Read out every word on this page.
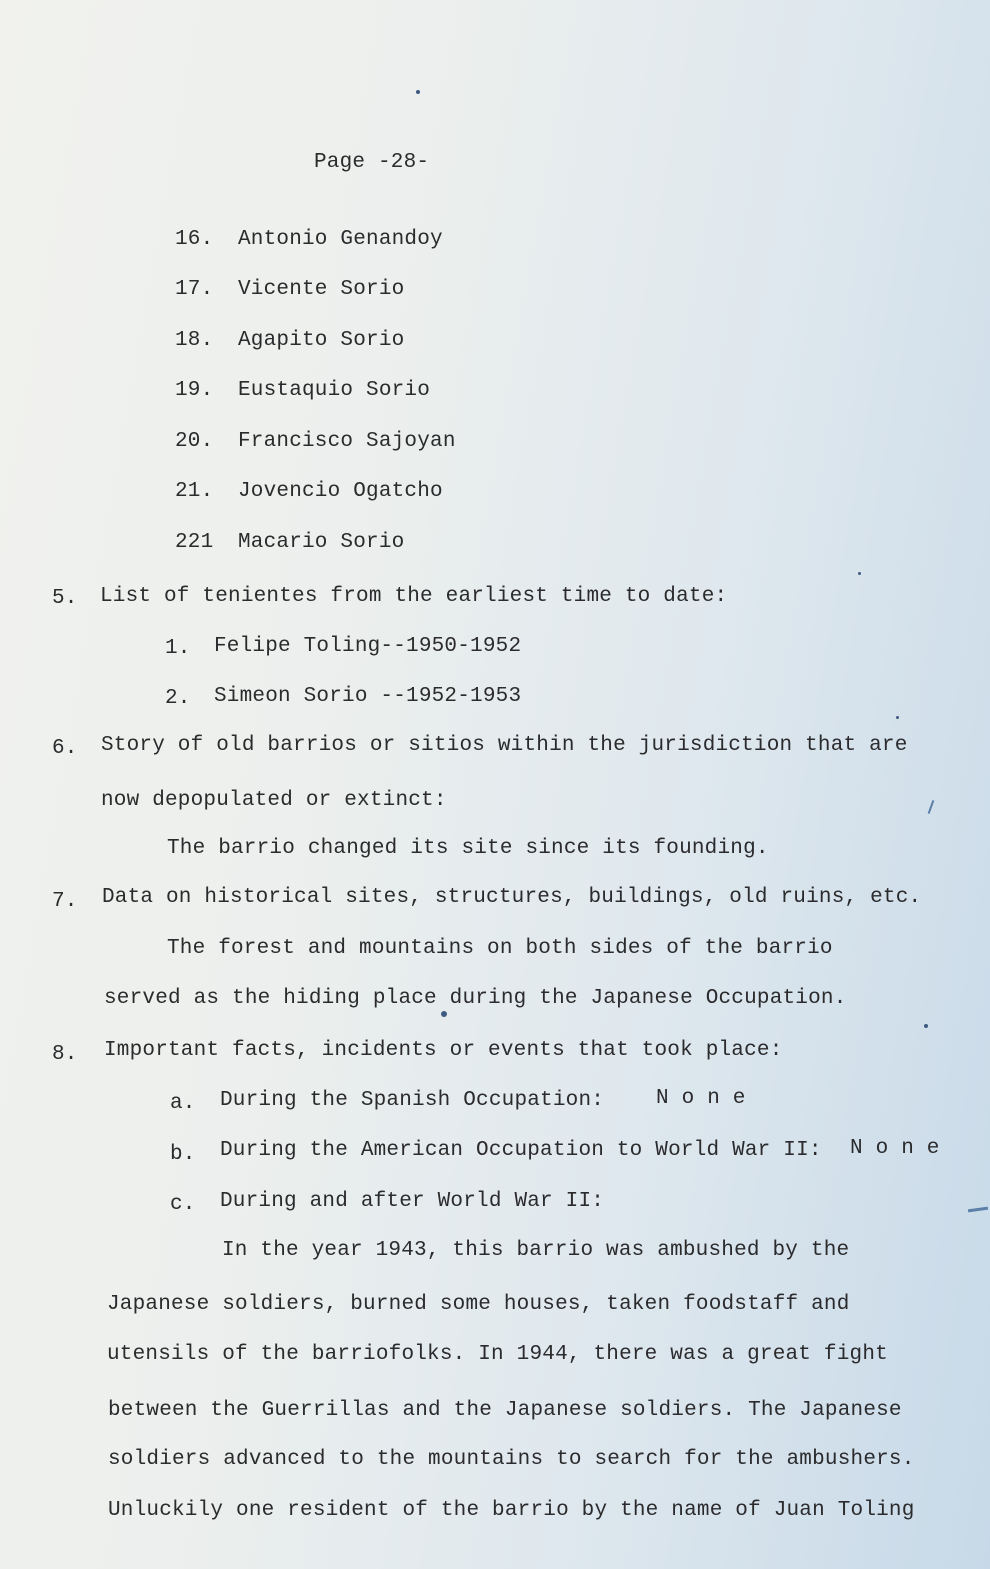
Page -28-
16. Antonio Genandoy
17. Vicente Sorio
18. Agapito Sorio
19. Eustaquio Sorio
20. Francisco Sajoyan
21. Jovencio Ogatcho
221 Macario Sorio
5. List of tenientes from the earliest time to date:
1. Felipe Toling--1950-1952
2. Simeon Sorio --1952-1953
6. Story of old barrios or sitios within the jurisdiction that are
now depopulated or extinct:
The barrio changed its site since its founding.
7. Data on historical sites, structures, buildings, old ruins, etc.
The forest and mountains on both sides of the barrio
served as the hiding place during the Japanese Occupation.
8. Important facts, incidents or events that took place:
a. During the Spanish Occupation: N o n e
b. During the American Occupation to World War II: N o n e
c. During and after World War II:
In the year 1943, this barrio was ambushed by the
Japanese soldiers, burned some houses, taken foodstaff and
utensils of the barriofolks. In 1944, there was a great fight
between the Guerrillas and the Japanese soldiers. The Japanese
soldiers advanced to the mountains to search for the ambushers.
Unluckily one resident of the barrio by the name of Juan Toling
